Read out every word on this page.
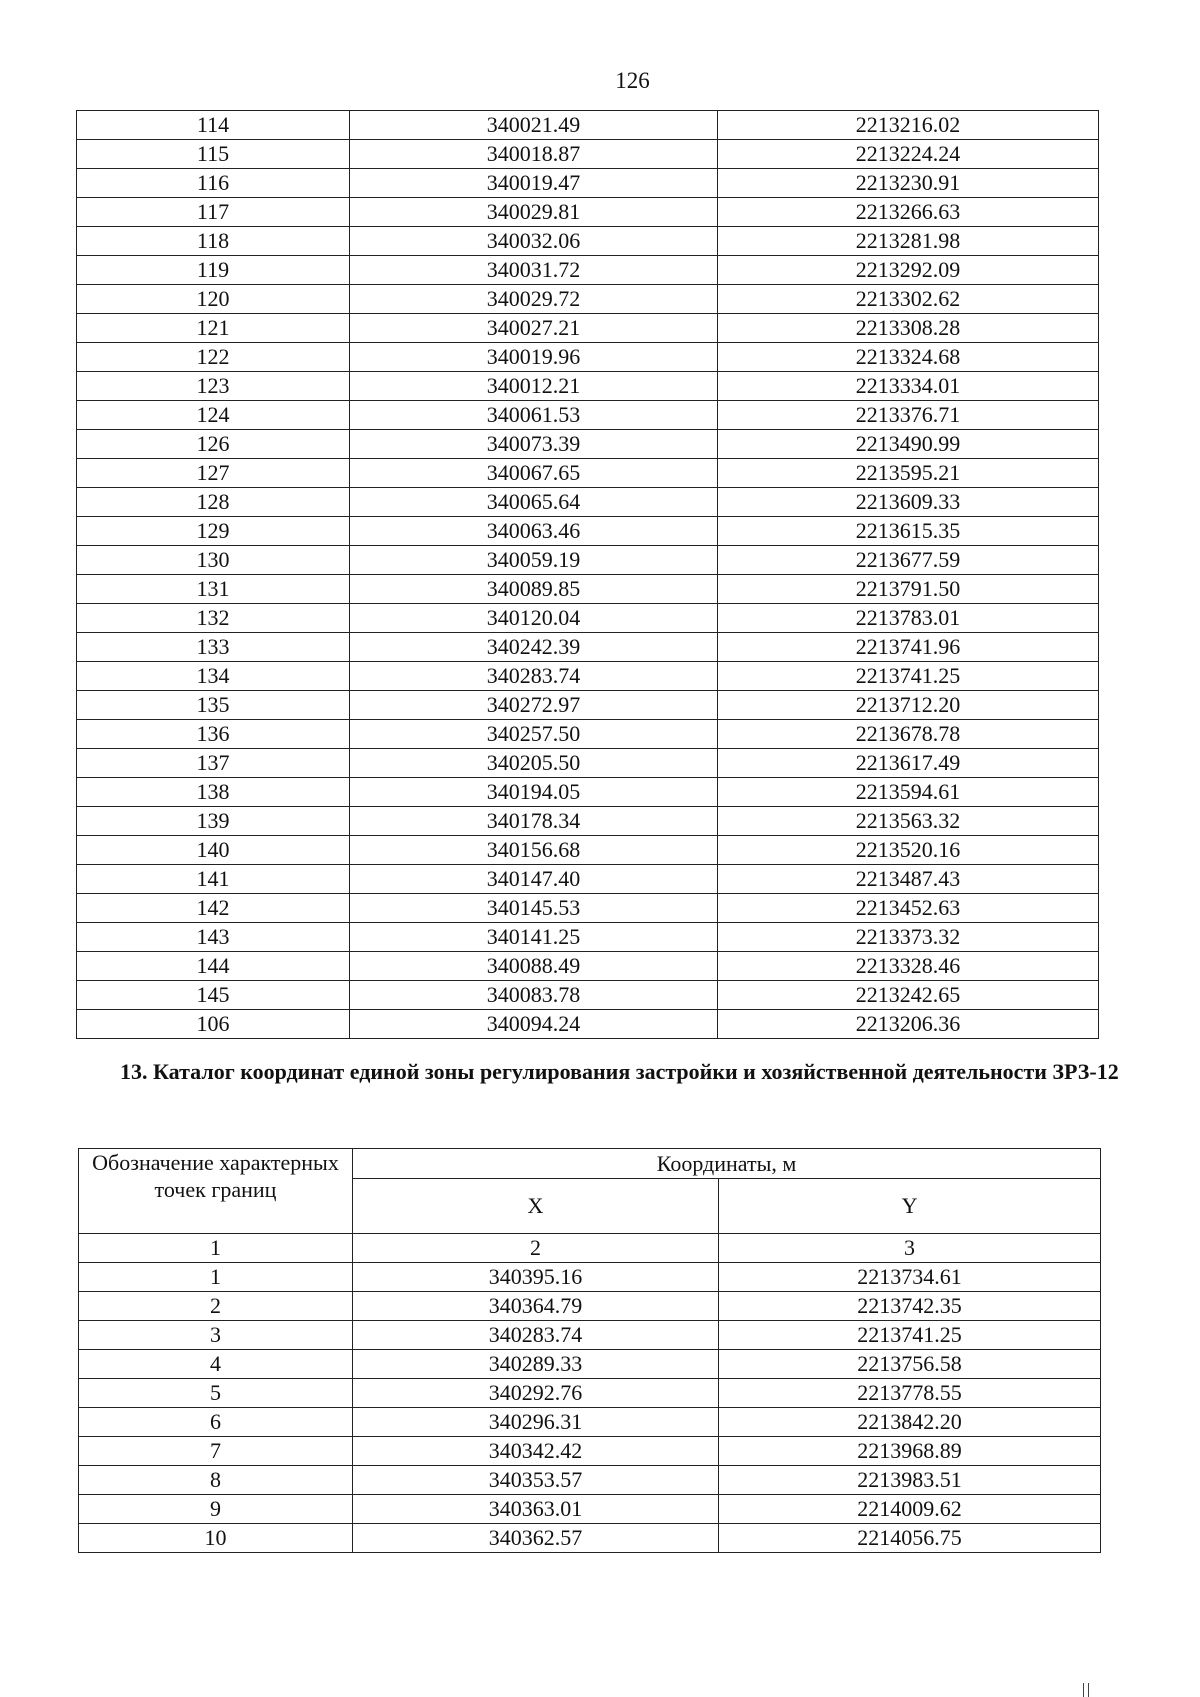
126
114	340021.49	2213216.02
115	340018.87	2213224.24
116	340019.47	2213230.91
117	340029.81	2213266.63
118	340032.06	2213281.98
119	340031.72	2213292.09
120	340029.72	2213302.62
121	340027.21	2213308.28
122	340019.96	2213324.68
123	340012.21	2213334.01
124	340061.53	2213376.71
126	340073.39	2213490.99
127	340067.65	2213595.21
128	340065.64	2213609.33
129	340063.46	2213615.35
130	340059.19	2213677.59
131	340089.85	2213791.50
132	340120.04	2213783.01
133	340242.39	2213741.96
134	340283.74	2213741.25
135	340272.97	2213712.20
136	340257.50	2213678.78
137	340205.50	2213617.49
138	340194.05	2213594.61
139	340178.34	2213563.32
140	340156.68	2213520.16
141	340147.40	2213487.43
142	340145.53	2213452.63
143	340141.25	2213373.32
144	340088.49	2213328.46
145	340083.78	2213242.65
106	340094.24	2213206.36
13. Каталог координат единой зоны регулирования застройки и хозяйственной деятельности ЗРЗ-12
Обозначение характерных точек границ	Координаты, м	
	X	Y
1	2	3
1	340395.16	2213734.61
2	340364.79	2213742.35
3	340283.74	2213741.25
4	340289.33	2213756.58
5	340292.76	2213778.55
6	340296.31	2213842.20
7	340342.42	2213968.89
8	340353.57	2213983.51
9	340363.01	2214009.62
10	340362.57	2214056.75
